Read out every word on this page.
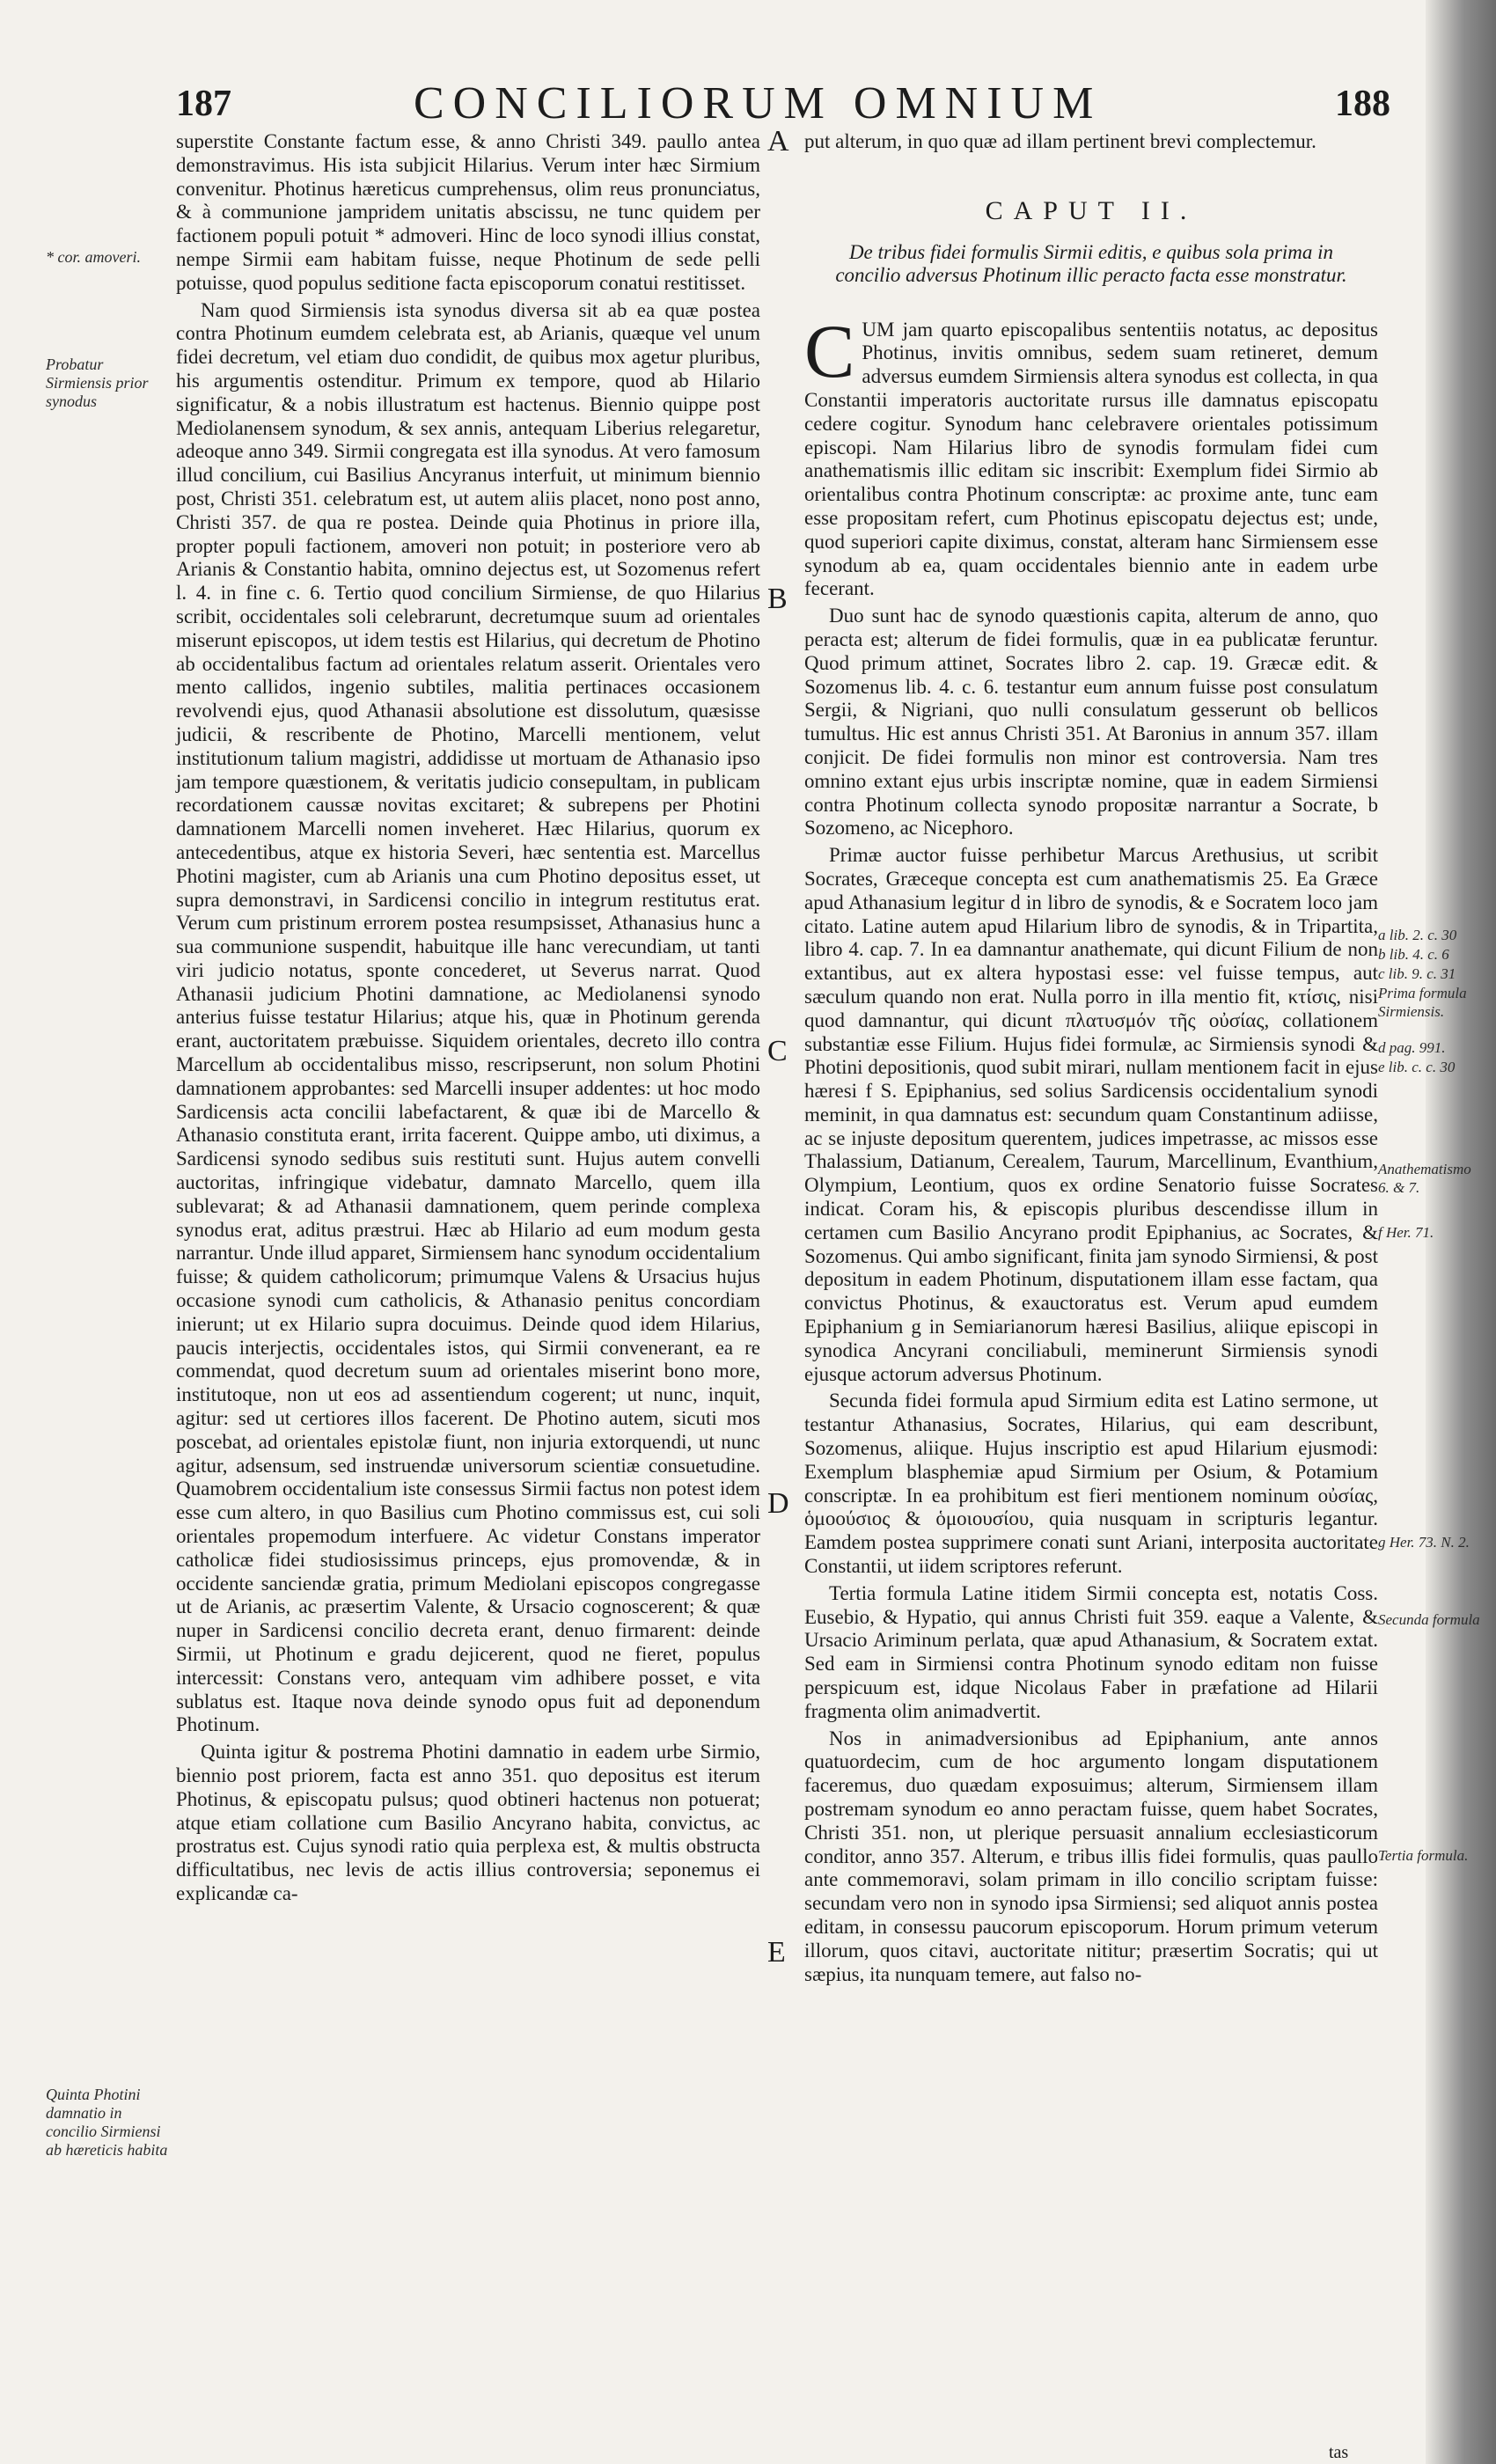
187	CONCILIORUM OMNIUM	188
* cor. amoveri.
Probatur Sirmiensis prior synodus
Quinta Photini damnatio in concilio Sirmiensi ab hæreticis habita

superstite Constante factum esse, & anno Christi 349. paullo antea demonstravimus. His ista subjicit Hilarius. Verum inter hæc Sirmium convenitur. Photinus hæreticus cumprehensus, olim reus pronunciatus, & à communione jampridem unitatis abscissu, ne tunc quidem per factionem populi potuit * admoveri. Hinc de loco synodi illius constat, nempe Sirmii eam habitam fuisse, neque Photinum de sede pelli potuisse, quod populus seditione facta episcoporum conatui restitisset.

Nam quod Sirmiensis ista synodus diversa sit ab ea quæ postea contra Photinum eumdem celebrata est, ab Arianis, quæque vel unum fidei decretum, vel etiam duo condidit, de quibus mox agetur pluribus, his argumentis ostenditur. Primum ex tempore, quod ab Hilario significatur, & a nobis illustratum est hactenus. Biennio quippe post Mediolanensem synodum, & sex annis, antequam Liberius relegaretur, adeoque anno 349. Sirmii congregata est illa synodus. At vero famosum illud concilium, cui Basilius Ancyranus interfuit, ut minimum biennio post, Christi 351. celebratum est, ut autem aliis placet, nono post anno, Christi 357. de qua re postea. Deinde quia Photinus in priore illa, propter populi factionem, amoveri non potuit; in posteriore vero ab Arianis & Constantio habita, omnino dejectus est, ut Sozomenus refert l. 4. in fine c. 6. Tertio quod concilium Sirmiense, de quo Hilarius scribit, occidentales soli celebrarunt, decretumque suum ad orientales miserunt episcopos, ut idem testis est Hilarius, qui decretum de Photino ab occidentalibus factum ad orientales relatum asserit. Orientales vero mento callidos, ingenio subtiles, malitia pertinaces occasionem revolvendi ejus, quod Athanasii absolutione est dissolutum, quæsisse judicii, & rescribente de Photino, Marcelli mentionem, velut institutionum talium magistri, addidisse ut mortuam de Athanasio ipso jam tempore quæstionem, & veritatis judicio consepultam, in publicam recordationem caussæ novitas excitaret; & subrepens per Photini damnationem Marcelli nomen inveheret. Hæc Hilarius, quorum ex antecedentibus, atque ex historia Severi, hæc sententia est. Marcellus Photini magister, cum ab Arianis una cum Photino depositus esset, ut supra demonstravi, in Sardicensi concilio in integrum restitutus erat. Verum cum pristinum errorem postea resumpsisset, Athanasius hunc a sua communione suspendit, habuitque ille hanc verecundiam, ut tanti viri judicio notatus, sponte concederet, ut Severus narrat. Quod Athanasii judicium Photini damnatione, ac Mediolanensi synodo anterius fuisse testatur Hilarius; atque his, quæ in Photinum gerenda erant, auctoritatem præbuisse. Siquidem orientales, decreto illo contra Marcellum ab occidentalibus misso, rescripserunt, non solum Photini damnationem approbantes: sed Marcelli insuper addentes: ut hoc modo Sardicensis acta concilii labefactarent, & quæ ibi de Marcello & Athanasio constituta erant, irrita facerent. Quippe ambo, uti diximus, a Sardicensi synodo sedibus suis restituti sunt. Hujus autem convelli auctoritas, infringique videbatur, damnato Marcello, quem illa sublevarat; & ad Athanasii damnationem, quem perinde complexa synodus erat, aditus præstrui. Hæc ab Hilario ad eum modum gesta narrantur. Unde illud apparet, Sirmiensem hanc synodum occidentalium fuisse; & quidem catholicorum; primumque Valens & Ursacius hujus occasione synodi cum catholicis, & Athanasio penitus concordiam inierunt; ut ex Hilario supra docuimus. Deinde quod idem Hilarius, paucis interjectis, occidentales istos, qui Sirmii convenerant, ea re commendat, quod decretum suum ad orientales miserint bono more, institutoque, non ut eos ad assentiendum cogerent; ut nunc, inquit, agitur: sed ut certiores illos facerent. De Photino autem, sicuti mos poscebat, ad orientales epistolæ fiunt, non injuria extorquendi, ut nunc agitur, adsensum, sed instruendæ universorum scientiæ consuetudine. Quamobrem occidentalium iste consessus Sirmii factus non potest idem esse cum altero, in quo Basilius cum Photino commissus est, cui soli orientales propemodum interfuere. Ac videtur Constans imperator catholicæ fidei studiosissimus princeps, ejus promovendæ, & in occidente sanciendæ gratia, primum Mediolani episcopos congregasse ut de Arianis, ac præsertim Valente, & Ursacio cognoscerent; & quæ nuper in Sardicensi concilio decreta erant, denuo firmarent: deinde Sirmii, ut Photinum e gradu dejicerent, quod ne fieret, populus intercessit: Constans vero, antequam vim adhibere posset, e vita sublatus est. Itaque nova deinde synodo opus fuit ad deponendum Photinum.

Quinta igitur & postrema Photini damnatio in eadem urbe Sirmio, biennio post priorem, facta est anno 351. quo depositus est iterum Photinus, & episcopatu pulsus; quod obtineri hactenus non potuerat; atque etiam collatione cum Basilio Ancyrano habita, convictus, ac prostratus est. Cujus synodi ratio quia perplexa est, & multis obstructa difficultatibus, nec levis de actis illius controversia; seponemus ei explicandæ ca-

A
B
C
D
E

put alterum, in quo quæ ad illam pertinent brevi complectemur.

CAPUT II.
De tribus fidei formulis Sirmii editis, e quibus sola prima in concilio adversus Photinum illic peracto facta esse monstratur.

CUM jam quarto episcopalibus sententiis notatus, ac depositus Photinus, invitis omnibus, sedem suam retineret, demum adversus eumdem Sirmiensis altera synodus est collecta, in qua Constantii imperatoris auctoritate rursus ille damnatus episcopatu cedere cogitur. Synodum hanc celebravere orientales potissimum episcopi. Nam Hilarius libro de synodis formulam fidei cum anathematismis illic editam sic inscribit: Exemplum fidei Sirmio ab orientalibus contra Photinum conscriptæ: ac proxime ante, tunc eam esse propositam refert, cum Photinus episcopatu dejectus est; unde, quod superiori capite diximus, constat, alteram hanc Sirmiensem esse synodum ab ea, quam occidentales biennio ante in eadem urbe fecerant.

Duo sunt hac de synodo quæstionis capita, alterum de anno, quo peracta est; alterum de fidei formulis, quæ in ea publicatæ feruntur. Quod primum attinet, Socrates libro 2. cap. 19. Græcæ edit. & Sozomenus lib. 4. c. 6. testantur eum annum fuisse post consulatum Sergii, & Nigriani, quo nulli consulatum gesserunt ob bellicos tumultus. Hic est annus Christi 351. At Baronius in annum 357. illam conjicit. De fidei formulis non minor est controversia. Nam tres omnino extant ejus urbis inscriptæ nomine, quæ in eadem Sirmiensi contra Photinum collecta synodo propositæ narrantur a Socrate, b Sozomeno, ac Nicephoro.

Primæ auctor fuisse perhibetur Marcus Arethusius, ut scribit Socrates, Græceque concepta est cum anathematismis 25. Ea Græce apud Athanasium legitur d in libro de synodis, & e Socratem loco jam citato. Latine autem apud Hilarium libro de synodis, & in Tripartita, libro 4. cap. 7. In ea damnantur anathemate, qui dicunt Filium de non extantibus, aut ex altera hypostasi esse: vel fuisse tempus, aut sæculum quando non erat. Nulla porro in illa mentio fit, κτίσις, nisi quod damnantur, qui dicunt πλατυσμόν τῆς οὐσίας, collationem substantiæ esse Filium. Hujus fidei formulæ, ac Sirmiensis synodi & Photini depositionis, quod subit mirari, nullam mentionem facit in ejus hæresi f S. Epiphanius, sed solius Sardicensis occidentalium synodi meminit, in qua damnatus est: secundum quam Constantinum adiisse, ac se injuste depositum querentem, judices impetrasse, ac missos esse Thalassium, Datianum, Cerealem, Taurum, Marcellinum, Evanthium, Olympium, Leontium, quos ex ordine Senatorio fuisse Socrates indicat. Coram his, & episcopis pluribus descendisse illum in certamen cum Basilio Ancyrano prodit Epiphanius, ac Socrates, & Sozomenus. Qui ambo significant, finita jam synodo Sirmiensi, & post depositum in eadem Photinum, disputationem illam esse factam, qua convictus Photinus, & exauctoratus est. Verum apud eumdem Epiphanium g in Semiarianorum hæresi Basilius, aliique episcopi in synodica Ancyrani conciliabuli, meminerunt Sirmiensis synodi ejusque actorum adversus Photinum.

Secunda fidei formula apud Sirmium edita est Latino sermone, ut testantur Athanasius, Socrates, Hilarius, qui eam describunt, Sozomenus, aliique. Hujus inscriptio est apud Hilarium ejusmodi: Exemplum blasphemiæ apud Sirmium per Osium, & Potamium conscriptæ. In ea prohibitum est fieri mentionem nominum οὐσίας, ὁμοούσιος & ὁμοιουσίου, quia nusquam in scripturis legantur. Eamdem postea supprimere conati sunt Ariani, interposita auctoritate Constantii, ut iidem scriptores referunt.

Tertia formula Latine itidem Sirmii concepta est, notatis Coss. Eusebio, & Hypatio, qui annus Christi fuit 359. eaque a Valente, & Ursacio Ariminum perlata, quæ apud Athanasium, & Socratem extat. Sed eam in Sirmiensi contra Photinum synodo editam non fuisse perspicuum est, idque Nicolaus Faber in præfatione ad Hilarii fragmenta olim animadvertit.

Nos in animadversionibus ad Epiphanium, ante annos quatuordecim, cum de hoc argumento longam disputationem faceremus, duo quædam exposuimus; alterum, Sirmiensem illam postremam synodum eo anno peractam fuisse, quem habet Socrates, Christi 351. non, ut plerique persuasit annalium ecclesiasticorum conditor, anno 357. Alterum, e tribus illis fidei formulis, quas paullo ante commemoravi, solam primam in illo concilio scriptam fuisse: secundam vero non in synodo ipsa Sirmiensi; sed aliquot annis postea editam, in consessu paucorum episcoporum. Horum primum veterum illorum, quos citavi, auctoritate nititur; præsertim Socratis; qui ut sæpius, ita nunquam temere, aut falso no-

a lib. 2. c. 30
b lib. 4. c. 6
c lib. 9. c. 31
Prima formula Sirmiensis.
d pag. 991.
e lib. c. c. 30
Anathematismo 6. & 7.
f Her. 71.
g Her. 73. N. 2.
Secunda formula
Tertia formula.
tas
